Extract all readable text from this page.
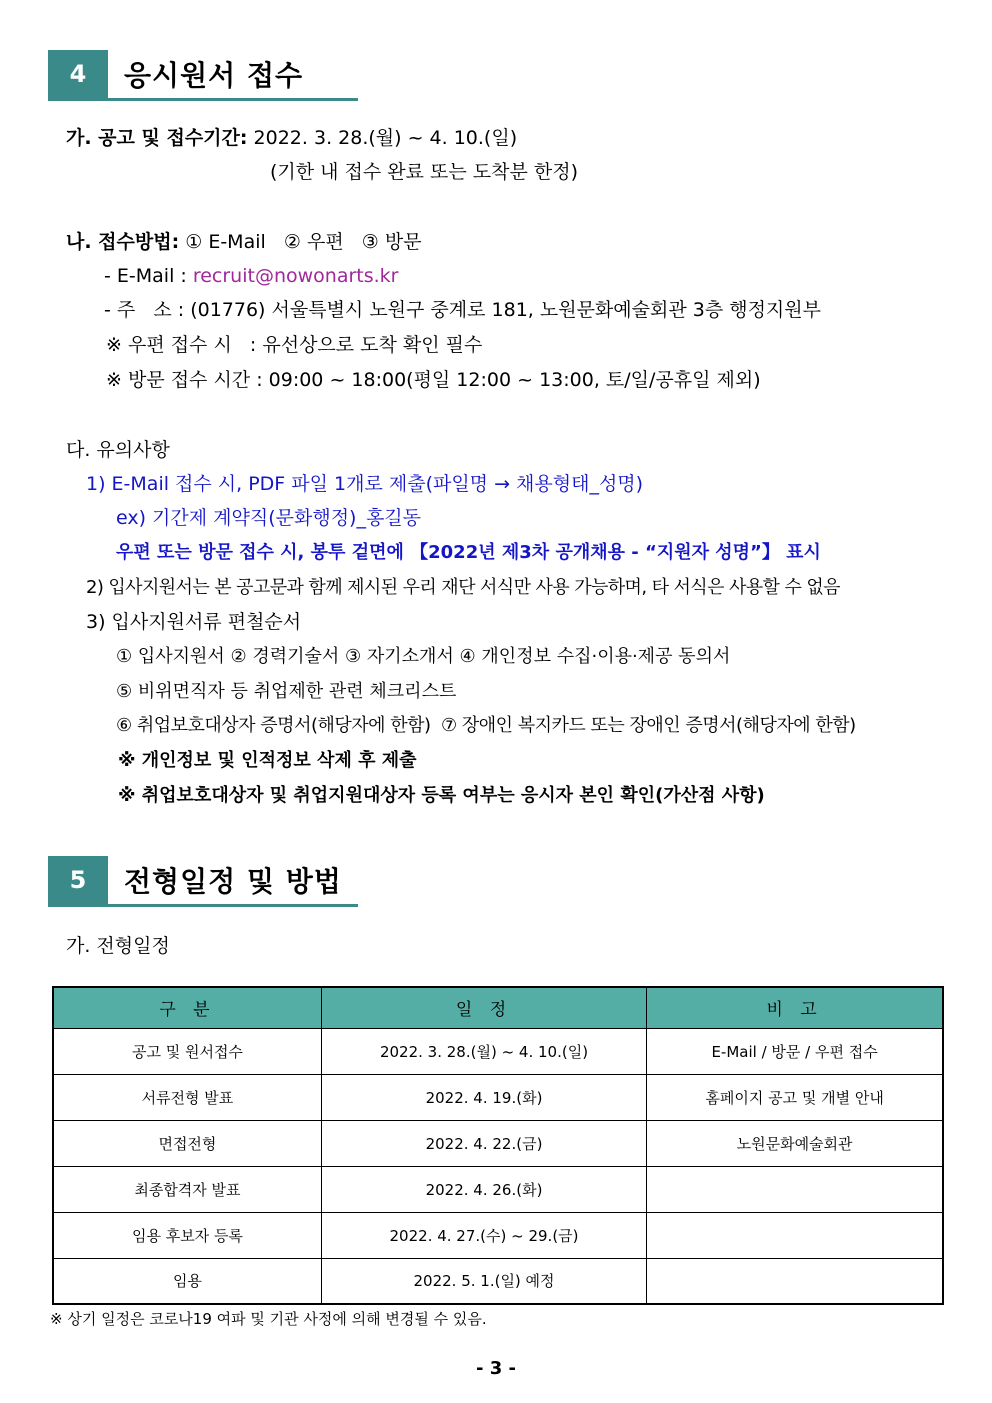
4	응시원서 접수
가. 공고 및 접수기간: 2022. 3. 28.(월) ~ 4. 10.(일)
(기한 내 접수 완료 또는 도착분 한정)
나. 접수방법: ① E-Mail   ② 우편   ③ 방문
- E-Mail : recruit@nowonarts.kr
- 주   소 : (01776) 서울특별시 노원구 중계로 181, 노원문화예술회관 3층 행정지원부
※ 우편 접수 시   : 유선상으로 도착 확인 필수
※ 방문 접수 시간 : 09:00 ~ 18:00(평일 12:00 ~ 13:00, 토/일/공휴일 제외)
다. 유의사항
1) E-Mail 접수 시, PDF 파일 1개로 제출(파일명 → 채용형태_성명)
ex) 기간제 계약직(문화행정)_홍길동
우편 또는 방문 접수 시, 봉투 겉면에 【2022년 제3차 공개채용 - “지원자 성명”】 표시
2) 입사지원서는 본 공고문과 함께 제시된 우리 재단 서식만 사용 가능하며, 타 서식은 사용할 수 없음
3) 입사지원서류 편철순서
① 입사지원서 ② 경력기술서 ③ 자기소개서 ④ 개인정보 수집·이용·제공 동의서
⑤ 비위면직자 등 취업제한 관련 체크리스트
⑥ 취업보호대상자 증명서(해당자에 한함)  ⑦ 장애인 복지카드 또는 장애인 증명서(해당자에 한함)
※ 개인정보 및 인적정보 삭제 후 제출
※ 취업보호대상자 및 취업지원대상자 등록 여부는 응시자 본인 확인(가산점 사항)
5	전형일정 및 방법
가. 전형일정
구 분	일 정	비 고
공고 및 원서접수	2022. 3. 28.(월) ~ 4. 10.(일)	E-Mail / 방문 / 우편 접수
서류전형 발표	2022. 4. 19.(화)	홈페이지 공고 및 개별 안내
면접전형	2022. 4. 22.(금)	노원문화예술회관
최종합격자 발표	2022. 4. 26.(화)	
임용 후보자 등록	2022. 4. 27.(수) ~ 29.(금)	
임용	2022. 5. 1.(일) 예정	
※ 상기 일정은 코로나19 여파 및 기관 사정에 의해 변경될 수 있음.
- 3 -
